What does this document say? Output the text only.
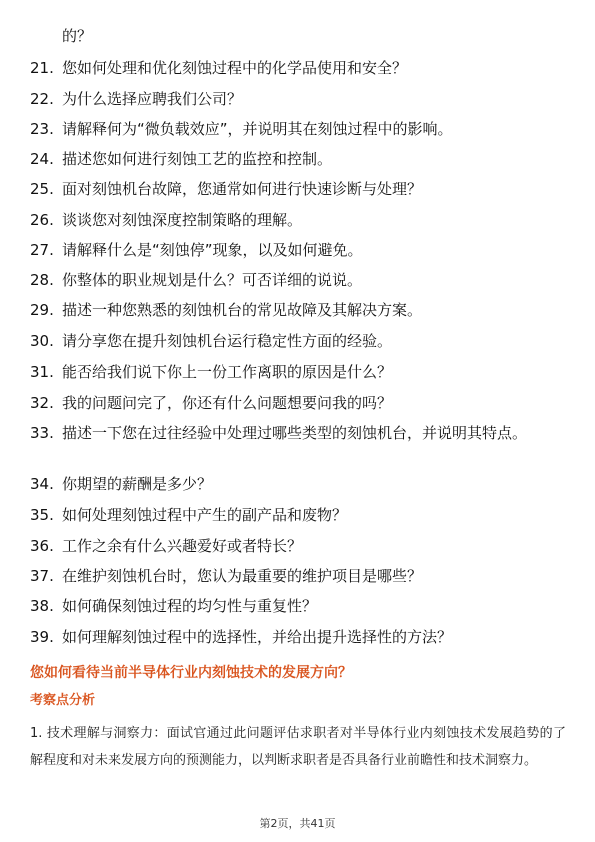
的？
21. 您如何处理和优化刻蚀过程中的化学品使用和安全？
22. 为什么选择应聘我们公司？
23. 请解释何为“微负载效应”，并说明其在刻蚀过程中的影响。
24. 描述您如何进行刻蚀工艺的监控和控制。
25. 面对刻蚀机台故障，您通常如何进行快速诊断与处理？
26. 谈谈您对刻蚀深度控制策略的理解。
27. 请解释什么是“刻蚀停”现象，以及如何避免。
28. 你整体的职业规划是什么？可否详细的说说。
29. 描述一种您熟悉的刻蚀机台的常见故障及其解决方案。
30. 请分享您在提升刻蚀机台运行稳定性方面的经验。
31. 能否给我们说下你上一份工作离职的原因是什么？
32. 我的问题问完了，你还有什么问题想要问我的吗？
33. 描述一下您在过往经验中处理过哪些类型的刻蚀机台，并说明其特点。
34. 你期望的薪酬是多少？
35. 如何处理刻蚀过程中产生的副产品和废物？
36. 工作之余有什么兴趣爱好或者特长？
37. 在维护刻蚀机台时，您认为最重要的维护项目是哪些？
38. 如何确保刻蚀过程的均匀性与重复性？
39. 如何理解刻蚀过程中的选择性，并给出提升选择性的方法？
您如何看待当前半导体行业内刻蚀技术的发展方向？
考察点分析
1. 技术理解与洞察力：面试官通过此问题评估求职者对半导体行业内刻蚀技术发展趋势的了解程度和对未来发展方向的预测能力，以判断求职者是否具备行业前瞻性和技术洞察力。
第2页，共41页
